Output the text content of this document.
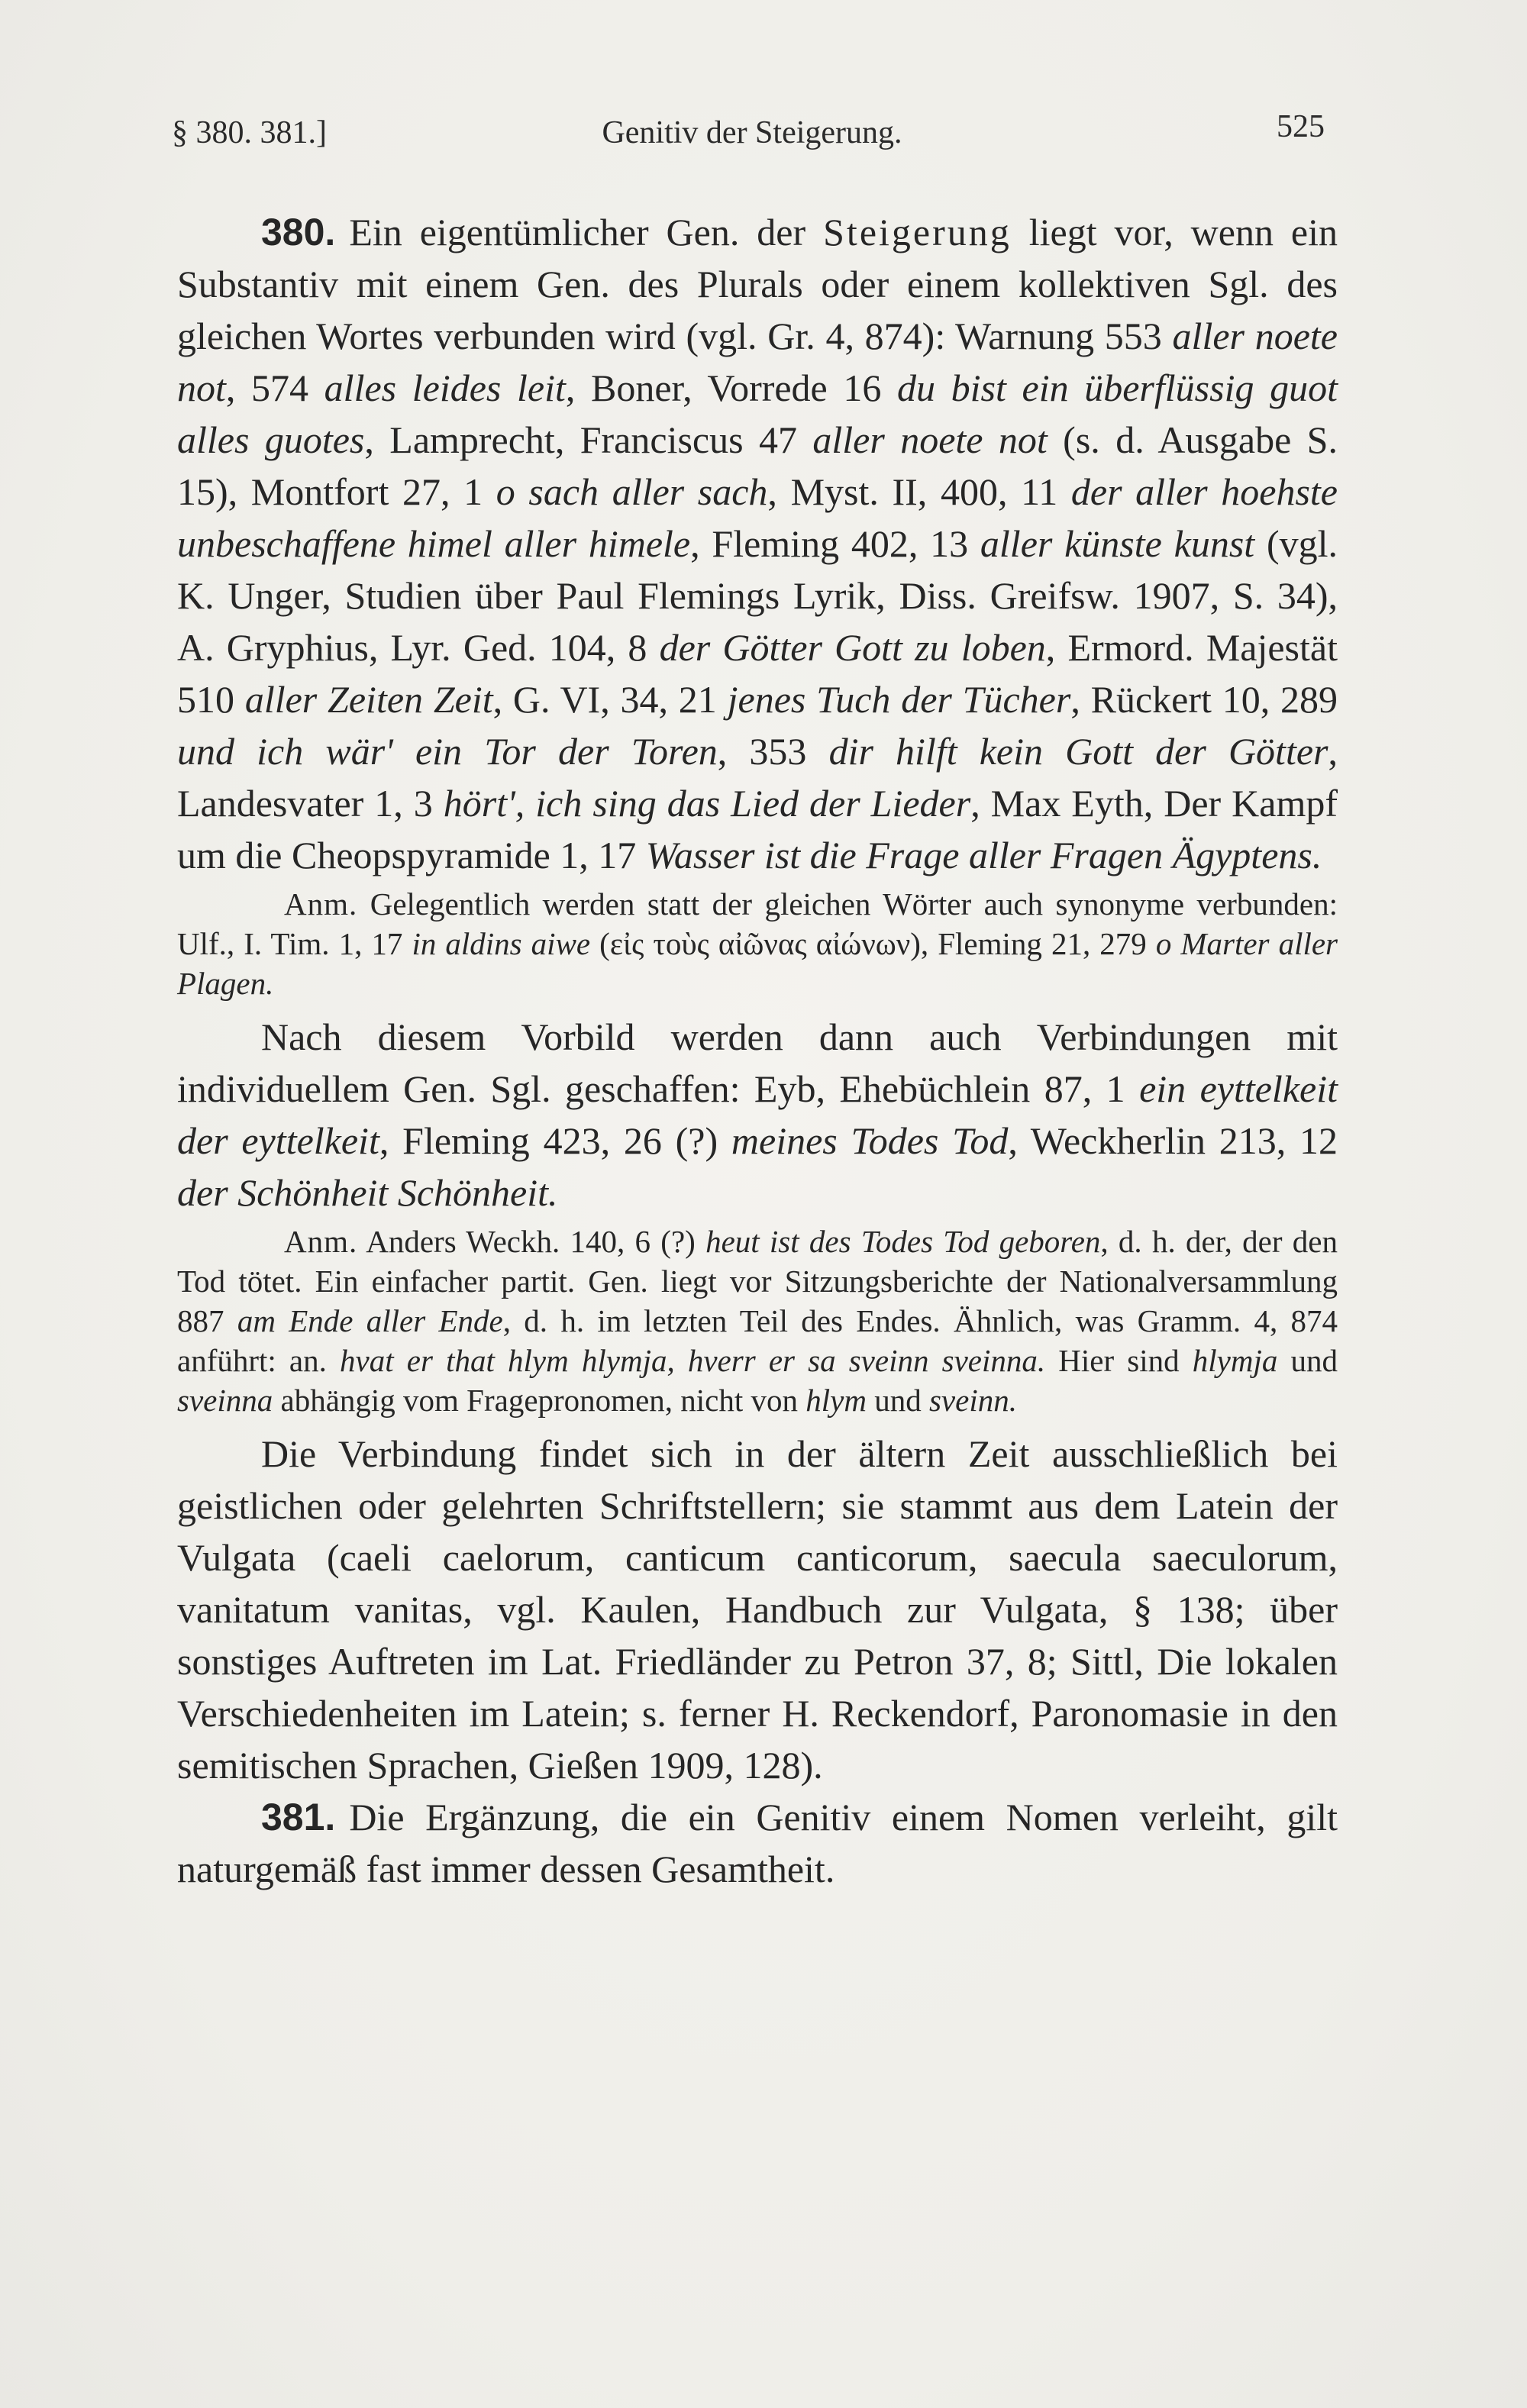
§ 380. 381.]	Genitiv der Steigerung.	525

380. Ein eigentümlicher Gen. der Steigerung liegt vor, wenn ein Substantiv mit einem Gen. des Plurals oder einem kollektiven Sgl. des gleichen Wortes verbunden wird (vgl. Gr. 4, 874): Warnung 553 aller noete not, 574 alles leides leit, Boner, Vorrede 16 du bist ein überflüssig guot alles guotes, Lamprecht, Franciscus 47 aller noete not (s. d. Ausgabe S. 15), Montfort 27, 1 o sach aller sach, Myst. II, 400, 11 der aller hoehste unbeschaffene himel aller himele, Fleming 402, 13 aller künste kunst (vgl. K. Unger, Studien über Paul Flemings Lyrik, Diss. Greifsw. 1907, S. 34), A. Gryphius, Lyr. Ged. 104, 8 der Götter Gott zu loben, Ermord. Majestät 510 aller Zeiten Zeit, G. VI, 34, 21 jenes Tuch der Tücher, Rückert 10, 289 und ich wär' ein Tor der Toren, 353 dir hilft kein Gott der Götter, Landesvater 1, 3 hört', ich sing das Lied der Lieder, Max Eyth, Der Kampf um die Cheopspyramide 1, 17 Wasser ist die Frage aller Fragen Ägyptens.

Anm. Gelegentlich werden statt der gleichen Wörter auch synonyme verbunden: Ulf., I. Tim. 1, 17 in aldins aiwe (εἰς τοὺς αἰῶνας αἰώνων), Fleming 21, 279 o Marter aller Plagen.

Nach diesem Vorbild werden dann auch Verbindungen mit individuellem Gen. Sgl. geschaffen: Eyb, Ehebüchlein 87, 1 ein eyttelkeit der eyttelkeit, Fleming 423, 26 (?) meines Todes Tod, Weckherlin 213, 12 der Schönheit Schönheit.

Anm. Anders Weckh. 140, 6 (?) heut ist des Todes Tod geboren, d. h. der, der den Tod tötet. Ein einfacher partit. Gen. liegt vor Sitzungsberichte der Nationalversammlung 887 am Ende aller Ende, d. h. im letzten Teil des Endes. Ähnlich, was Gramm. 4, 874 anführt: an. hvat er that hlym hlymja, hverr er sa sveinn sveinna. Hier sind hlymja und sveinna abhängig vom Fragepronomen, nicht von hlym und sveinn.

Die Verbindung findet sich in der ältern Zeit ausschließlich bei geistlichen oder gelehrten Schriftstellern; sie stammt aus dem Latein der Vulgata (caeli caelorum, canticum canticorum, saecula saeculorum, vanitatum vanitas, vgl. Kaulen, Handbuch zur Vulgata, § 138; über sonstiges Auftreten im Lat. Friedländer zu Petron 37, 8; Sittl, Die lokalen Verschiedenheiten im Latein; s. ferner H. Reckendorf, Paronomasie in den semitischen Sprachen, Gießen 1909, 128).

381. Die Ergänzung, die ein Genitiv einem Nomen verleiht, gilt naturgemäß fast immer dessen Gesamtheit.
